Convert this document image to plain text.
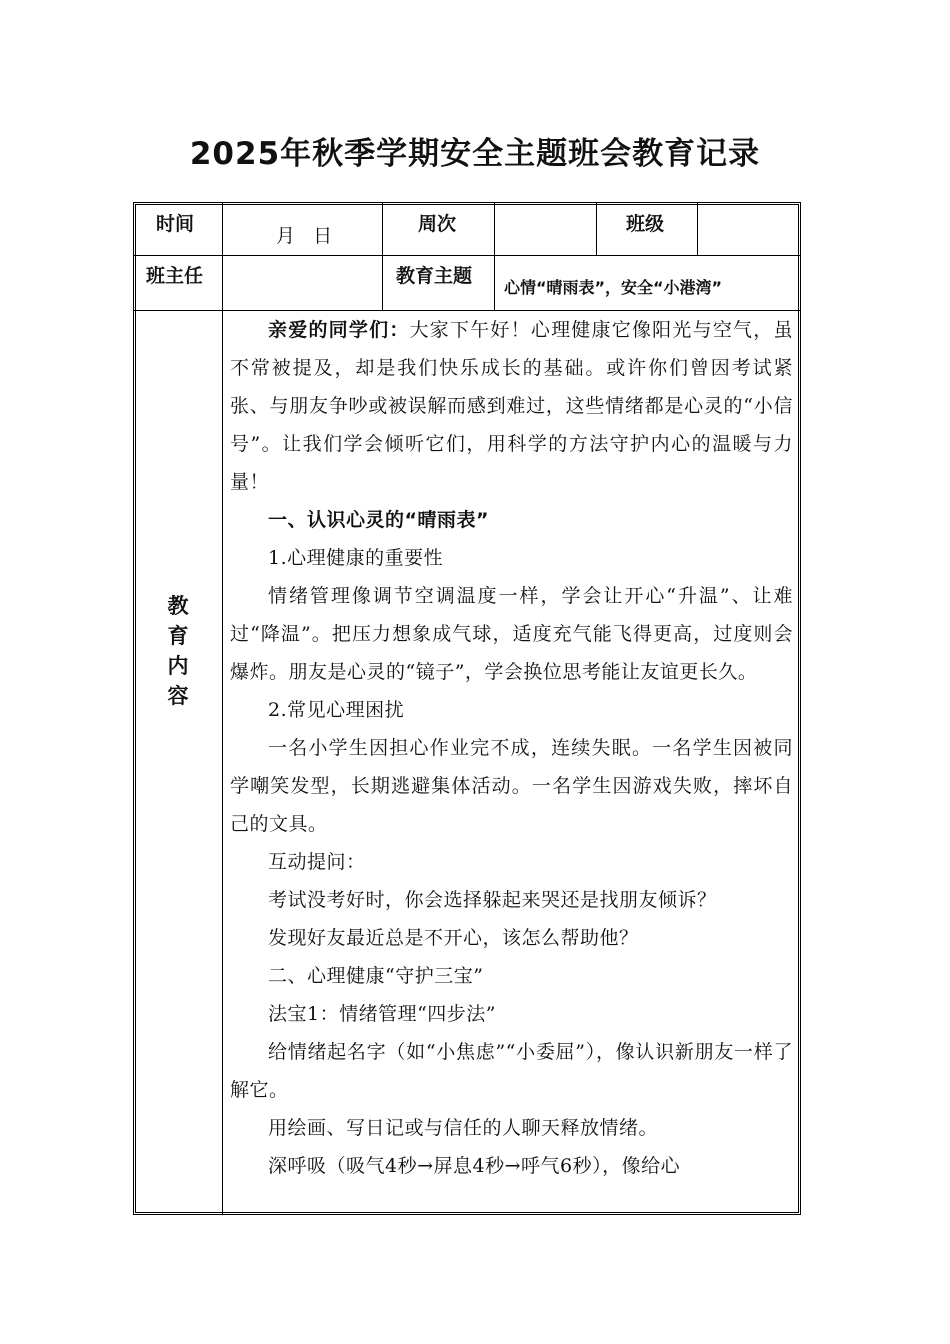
2025年秋季学期安全主题班会教育记录
时间
月   日
周次	班级
班主任	教育主题
心情“晴雨表”，安全“小港湾”
教
育
内
容

亲爱的同学们：大家下午好！心理健康它像阳光与空气，虽不常被提及，却是我们快乐成长的基础。或许你们曾因考试紧张、与朋友争吵或被误解而感到难过，这些情绪都是心灵的“小信号”。让我们学会倾听它们，用科学的方法守护内心的温暖与力量！

一、认识心灵的“晴雨表”

1.心理健康的重要性

情绪管理像调节空调温度一样，学会让开心“升温”、让难过“降温”。把压力想象成气球，适度充气能飞得更高，过度则会爆炸。朋友是心灵的“镜子”，学会换位思考能让友谊更长久。

2.常见心理困扰

一名小学生因担心作业完不成，连续失眠。一名学生因被同学嘲笑发型，长期逃避集体活动。一名学生因游戏失败，摔坏自己的文具。

互动提问：

考试没考好时，你会选择躲起来哭还是找朋友倾诉？

发现好友最近总是不开心，该怎么帮助他？

二、心理健康“守护三宝”

法宝1：情绪管理“四步法”

给情绪起名字（如“小焦虑”“小委屈”），像认识新朋友一样了解它。

用绘画、写日记或与信任的人聊天释放情绪。

深呼吸（吸气4秒→屏息4秒→呼气6秒），像给心
